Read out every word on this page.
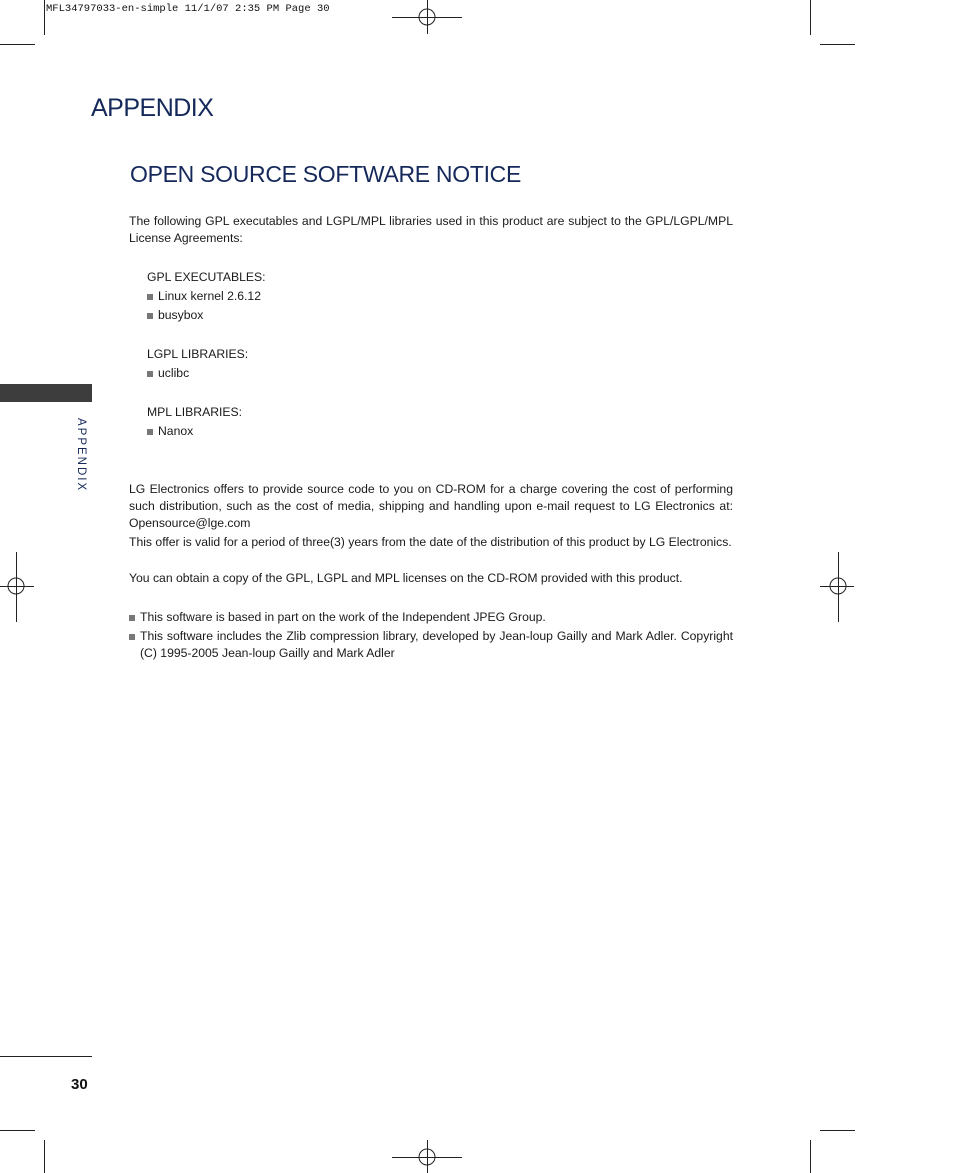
MFL34797033-en-simple 11/1/07 2:35 PM Page 30
APPENDIX
OPEN SOURCE SOFTWARE NOTICE
The following GPL executables and LGPL/MPL libraries used in this product are subject to the GPL/LGPL/MPL License Agreements:
GPL EXECUTABLES:
Linux kernel 2.6.12
busybox
LGPL LIBRARIES:
uclibc
MPL LIBRARIES:
Nanox
LG Electronics offers to provide source code to you on CD-ROM for a charge covering the cost of performing such distribution, such as the cost of media, shipping and handling upon e-mail request to LG Electronics at: Opensource@lge.com
This offer is valid for a period of three(3) years from the date of the distribution of this product by LG Electronics.
You can obtain a copy of the GPL, LGPL and MPL licenses on the CD-ROM provided with this product.
This software is based in part on the work of the Independent JPEG Group.
This software includes the Zlib compression library, developed by Jean-loup Gailly and Mark Adler. Copyright (C) 1995-2005 Jean-loup Gailly and Mark Adler
APPENDIX
30
